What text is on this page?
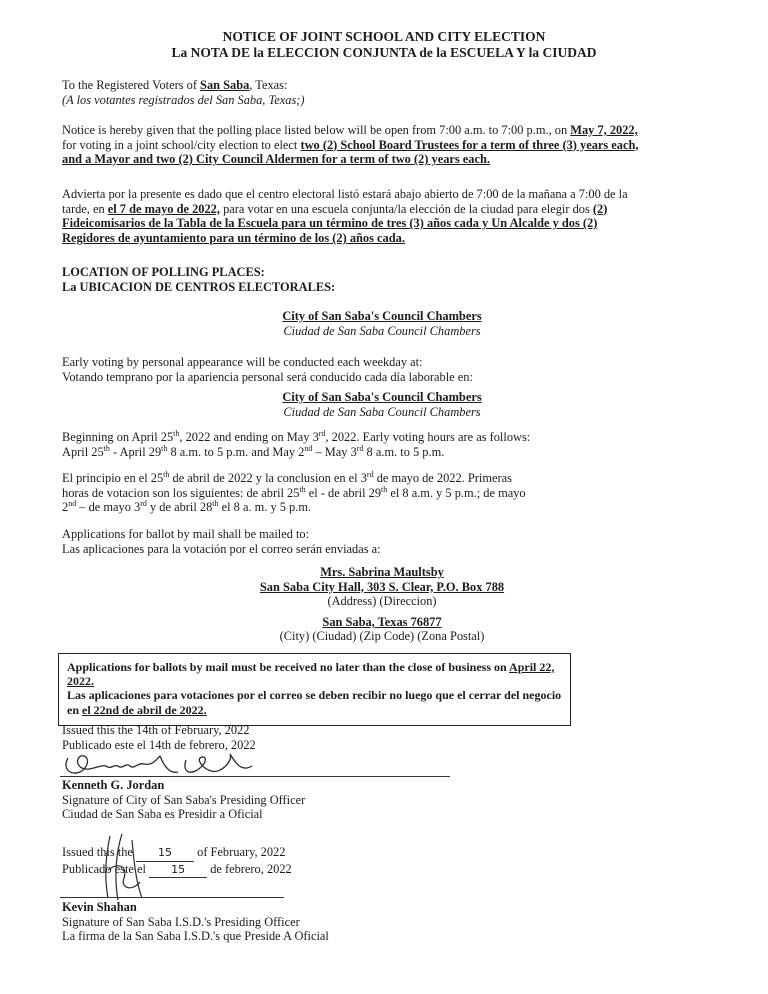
NOTICE OF JOINT SCHOOL AND CITY ELECTION
La NOTA DE la ELECCION CONJUNTA de la ESCUELA Y la CIUDAD

To the Registered Voters of San Saba, Texas:

(A los votantes registrados del San Saba, Texas;)

Notice is hereby given that the polling place listed below will be open from 7:00 a.m. to 7:00 p.m., on May 7, 2022, for voting in a joint school/city election to elect two (2) School Board Trustees for a term of three (3) years each, and a Mayor and two (2) City Council Aldermen for a term of two (2) years each.
Advierta por la presente es dado que el centro electoral listó estará abajo abierto de 7:00 de la mañana a 7:00 de la tarde, en el 7 de mayo de 2022, para votar en una escuela conjunta/la elección de la ciudad para elegir dos (2) Fideicomisarios de la Tabla de la Escuela para un término de tres (3) años cada y Un Alcalde y dos (2) Regidores de ayuntamiento para un término de los (2) años cada.

LOCATION OF POLLING PLACES:

La UBICACION DE CENTROS ELECTORALES:

City of San Saba's Council Chambers

Ciudad de San Saba Council Chambers

Early voting by personal appearance will be conducted each weekday at:

Votando temprano por la apariencia personal será conducido cada día laborable en:

City of San Saba's Council Chambers

Ciudad de San Saba Council Chambers

Beginning on April 25th, 2022 and ending on May 3rd, 2022. Early voting hours are as follows:

April 25th - April 29th 8 a.m. to 5 p.m. and May 2nd – May 3rd 8 a.m. to 5 p.m.

El principio en el 25th de abril de 2022 y la conclusion en el 3rd de mayo de 2022. Primeras

horas de votacion son los siguientes: de abril 25th el - de abril 29th el 8 a.m. y 5 p.m.; de mayo

2nd – de mayo 3rd y de abril 28th el 8 a. m. y 5 p.m.

Applications for ballot by mail shall be mailed to:

Las aplicaciones para la votación por el correo serán enviadas a:

Mrs. Sabrina Maultsby

San Saba City Hall, 303 S. Clear, P.O. Box 788

(Address) (Direccion)

San Saba, Texas 76877

(City) (Ciudad) (Zip Code) (Zona Postal)

Applications for ballots by mail must be received no later than the close of business on April 22, 2022.

Las aplicaciones para votaciones por el correo se deben recibir no luego que el cerrar del negocio en el 22nd de abril de 2022.

Issued this the 14th of February, 2022

Publicado este el 14th de febrero, 2022

Kenneth G. Jordan

Signature of City of San Saba's Presiding Officer

Ciudad de San Saba es Presidir a Oficial

Issued this the 15 of February, 2022

Publicado este el 15 de febrero, 2022

Kevin Shahan

Signature of San Saba I.S.D.'s Presiding Officer

La firma de la San Saba I.S.D.'s que Preside A Oficial
